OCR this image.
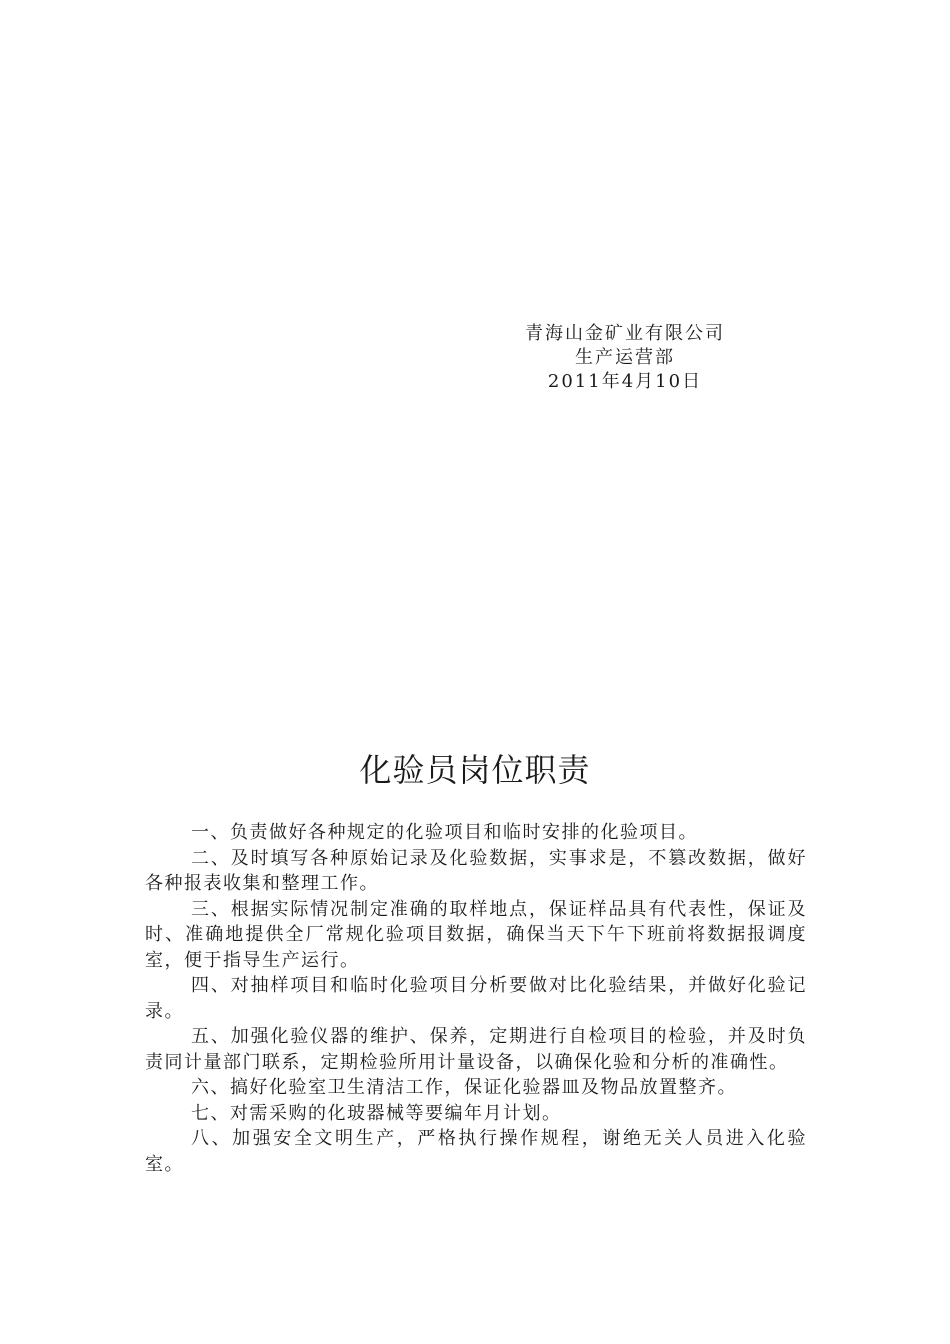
青海山金矿业有限公司
生产运营部
2011年4月10日
化验员岗位职责
一、负责做好各种规定的化验项目和临时安排的化验项目。
二、及时填写各种原始记录及化验数据，实事求是，不篡改数据，做好各种报表收集和整理工作。
三、根据实际情况制定准确的取样地点，保证样品具有代表性，保证及时、准确地提供全厂常规化验项目数据，确保当天下午下班前将数据报调度室，便于指导生产运行。
四、对抽样项目和临时化验项目分析要做对比化验结果，并做好化验记录。
五、加强化验仪器的维护、保养，定期进行自检项目的检验，并及时负责同计量部门联系，定期检验所用计量设备，以确保化验和分析的准确性。
六、搞好化验室卫生清洁工作，保证化验器皿及物品放置整齐。
七、对需采购的化玻器械等要编年月计划。
八、加强安全文明生产，严格执行操作规程，谢绝无关人员进入化验室。
